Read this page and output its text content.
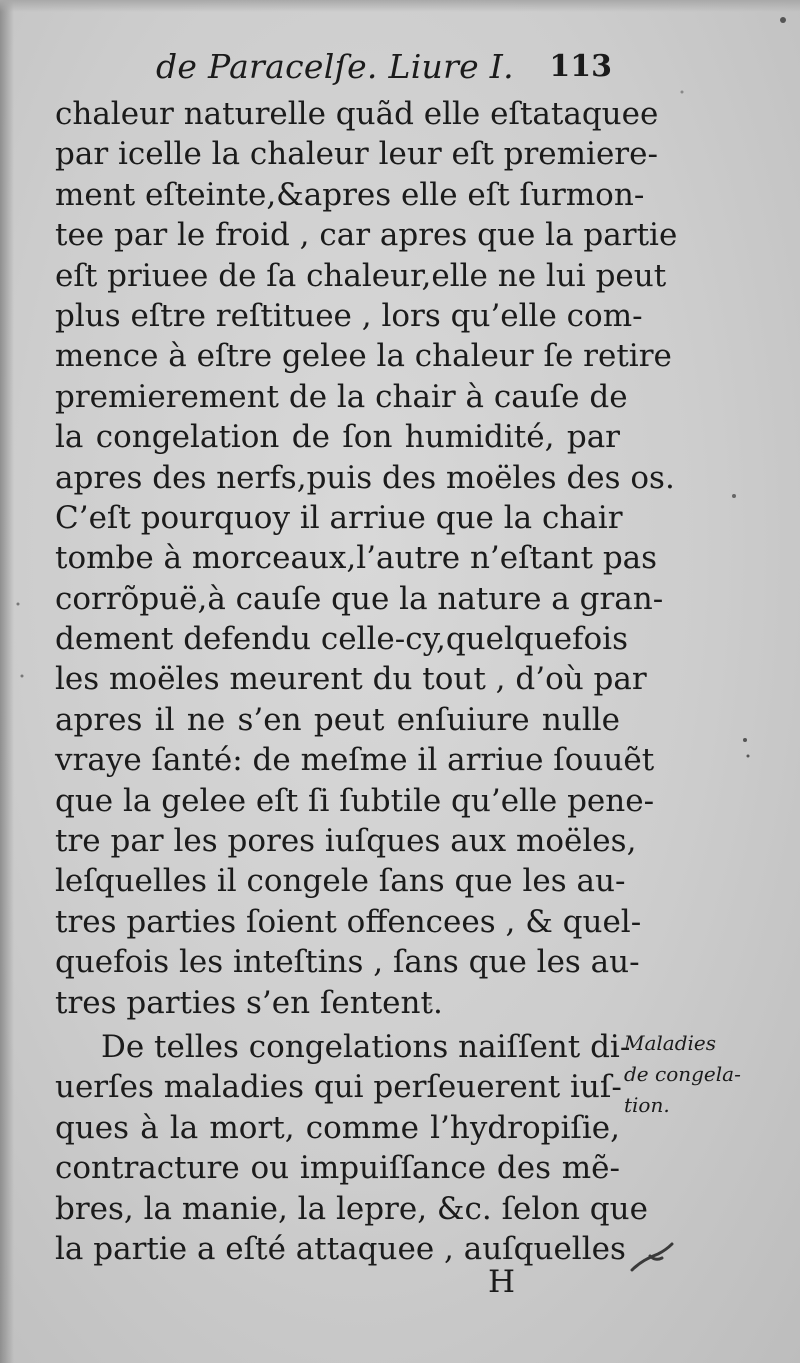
de Paracelſe. Liure I. 113
chaleur naturelle quãd elle eſtataquee
par icelle la chaleur leur eſt premiere-
ment eſteinte,&apres elle eſt ſurmon-
tee par le froid , car apres que la partie
eſt priuee de ſa chaleur,elle ne lui peut
plus eſtre reſtituee , lors qu’elle com-
mence à eſtre gelee la chaleur ſe retire
premierement de la chair à cauſe de
la congelation de ſon humidité, par
apres des nerfs,puis des moëles des os.
C’eſt pourquoy il arriue que la chair
tombe à morceaux,l’autre n’eſtant pas
corrõpuë,à cauſe que la nature a gran-
dement defendu celle-cy,quelquefois
les moëles meurent du tout , d’où par
apres il ne s’en peut enſuiure nulle
vraye ſanté: de meſme il arriue ſouuẽt
que la gelee eſt ſi ſubtile qu’elle pene-
tre par les pores iuſques aux moëles,
leſquelles il congele ſans que les au-
tres parties ſoient offencees , & quel-
quefois les inteſtins , ſans que les au-
tres parties s’en ſentent.
De telles congelations naiſſent di-
uerſes maladies qui perſeuerent iuſ-
ques à la mort, comme l’hydropiſie,
contracture ou impuiſſance des mẽ-
bres, la manie, la lepre, &c. ſelon que
la partie a eſté attaquee , auſquelles
Maladies
de congela-
tion.
H
